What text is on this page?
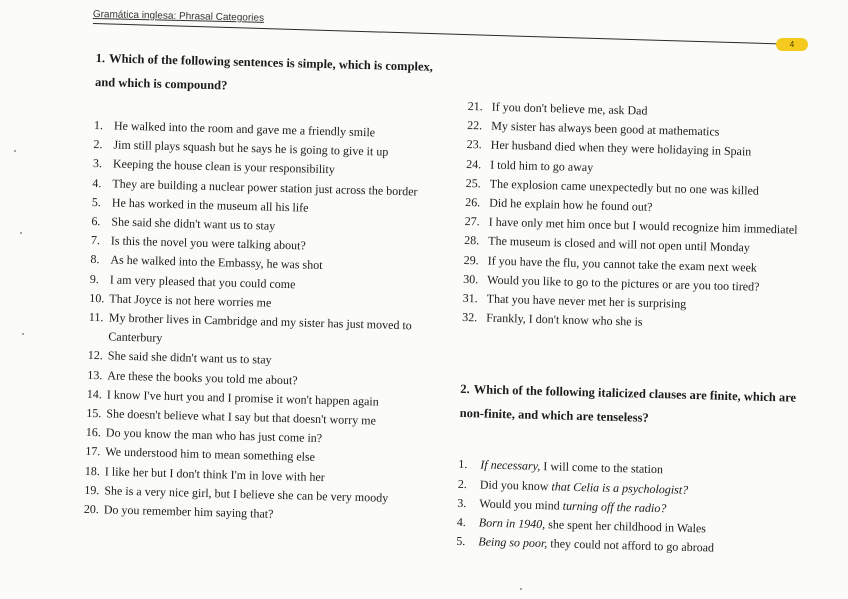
Gramática inglesa: Phrasal Categories
4

1. Which of the following sentences is simple, which is complex, and which is compound?

1. He walked into the room and gave me a friendly smile
2. Jim still plays squash but he says he is going to give it up
3. Keeping the house clean is your responsibility
4. They are building a nuclear power station just across the border
5. He has worked in the museum all his life
6. She said she didn't want us to stay
7. Is this the novel you were talking about?
8. As he walked into the Embassy, he was shot
9. I am very pleased that you could come
10. That Joyce is not here worries me
11. My brother lives in Cambridge and my sister has just moved to Canterbury
12. She said she didn't want us to stay
13. Are these the books you told me about?
14. I know I've hurt you and I promise it won't happen again
15. She doesn't believe what I say but that doesn't worry me
16. Do you know the man who has just come in?
17. We understood him to mean something else
18. I like her but I don't think I'm in love with her
19. She is a very nice girl, but I believe she can be very moody
20. Do you remember him saying that?
21. If you don't believe me, ask Dad
22. My sister has always been good at mathematics
23. Her husband died when they were holidaying in Spain
24. I told him to go away
25. The explosion came unexpectedly but no one was killed
26. Did he explain how he found out?
27. I have only met him once but I would recognize him immediatel
28. The museum is closed and will not open until Monday
29. If you have the flu, you cannot take the exam next week
30. Would you like to go to the pictures or are you too tired?
31. That you have never met her is surprising
32. Frankly, I don't know who she is

2. Which of the following italicized clauses are finite, which are non-finite, and which are tenseless?

1.	If necessary, I will come to the station
2.	Did you know that Celia is a psychologist?
3.	Would you mind turning off the radio?
4.	Born in 1940, she spent her childhood in Wales
5.	Being so poor, they could not afford to go abroad
